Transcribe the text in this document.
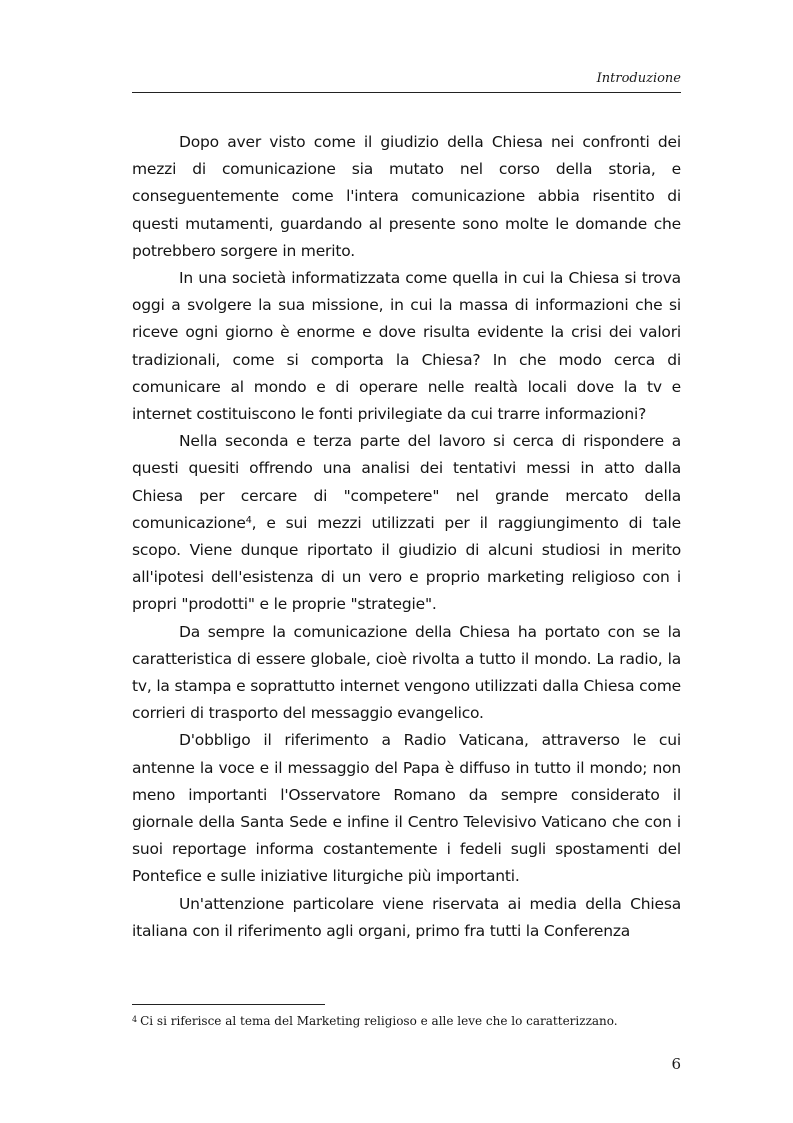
Introduzione

Dopo aver visto come il giudizio della Chiesa nei confronti dei mezzi di comunicazione sia mutato nel corso della storia, e conseguentemente come l'intera comunicazione abbia risentito di questi mutamenti, guardando al presente sono molte le domande che potrebbero sorgere in merito.

In una società informatizzata come quella in cui la Chiesa si trova oggi a svolgere la sua missione, in cui la massa di informazioni che si riceve ogni giorno è enorme e dove risulta evidente la crisi dei valori tradizionali, come si comporta la Chiesa? In che modo cerca di comunicare al mondo e di operare nelle realtà locali dove la tv e internet costituiscono le fonti privilegiate da cui trarre informazioni?

Nella seconda e terza parte del lavoro si cerca di rispondere a questi quesiti offrendo una analisi dei tentativi messi in atto dalla Chiesa per cercare di "competere" nel grande mercato della comunicazione$^4$, e sui mezzi utilizzati per il raggiungimento di tale scopo. Viene dunque riportato il giudizio di alcuni studiosi in merito all'ipotesi dell'esistenza di un vero e proprio marketing religioso con i propri "prodotti" e le proprie "strategie".

Da sempre la comunicazione della Chiesa ha portato con se la caratteristica di essere globale, cioè rivolta a tutto il mondo. La radio, la tv, la stampa e soprattutto internet vengono utilizzati dalla Chiesa come corrieri di trasporto del messaggio evangelico.

D'obbligo il riferimento a Radio Vaticana, attraverso le cui antenne la voce e il messaggio del Papa è diffuso in tutto il mondo; non meno importanti l'Osservatore Romano da sempre considerato il giornale della Santa Sede e infine il Centro Televisivo Vaticano che con i suoi reportage informa costantemente i fedeli sugli spostamenti del Pontefice e sulle iniziative liturgiche più importanti.

Un'attenzione particolare viene riservata ai media della Chiesa italiana con il riferimento agli organi, primo fra tutti la Conferenza

$^4$ Ci si riferisce al tema del Marketing religioso e alle leve che lo caratterizzano.
6
